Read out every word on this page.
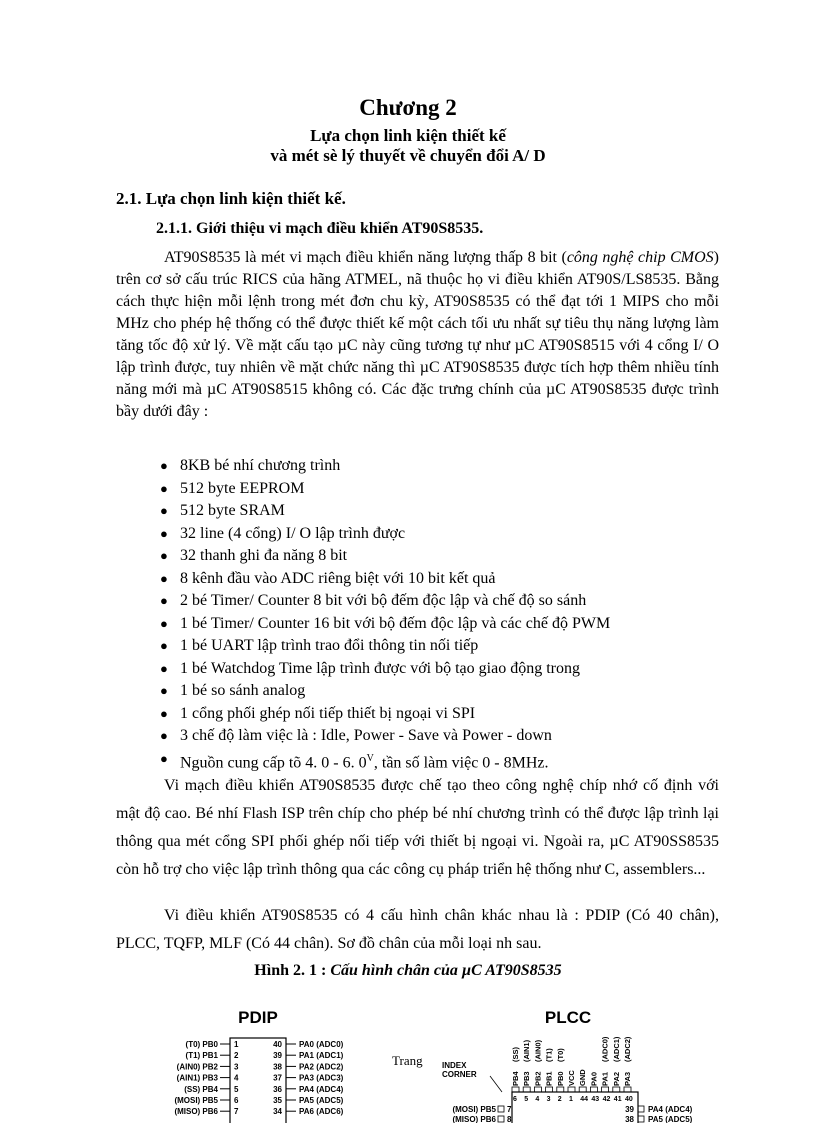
Chương 2
Lựa chọn linh kiện thiết kế
và mét sè lý thuyết về chuyển đổi A/ D
2.1. Lựa chọn linh kiện thiết kế.
2.1.1. Giới thiệu vi mạch điều khiển AT90S8535.
AT90S8535 là mét vi mạch điều khiển năng lượng thấp 8 bit (công nghệ chip CMOS) trên cơ sở cấu trúc RICS của hãng ATMEL, nã thuộc họ vi điều khiển AT90S/LS8535. Bằng cách thực hiện mỗi lệnh trong mét đơn chu kỳ, AT90S8535 có thể đạt tới 1 MIPS cho mỗi MHz cho phép hệ thống có thể được thiết kế một cách tối ưu nhất sự tiêu thụ năng lượng làm tăng tốc độ xử lý. Về mặt cấu tạo µC này cũng tương tự như µC AT90S8515 với 4 cổng I/ O lập trình được, tuy nhiên về mặt chức năng thì µC AT90S8535 được tích hợp thêm nhiều tính năng mới mà µC AT90S8515 không có. Các đặc trưng chính của µC AT90S8535 được trình bầy dưới đây :
● 8KB bé nhí chương trình
● 512 byte EEPROM
● 512 byte SRAM
● 32 line (4 cổng) I/ O lập trình được
● 32 thanh ghi đa năng 8 bit
● 8 kênh đầu vào ADC riêng biệt với 10 bit kết quả
● 2 bé Timer/ Counter 8 bit với bộ đếm độc lập và chế độ so sánh
● 1 bé Timer/ Counter 16 bit với bộ đếm độc lập và các chế độ PWM
● 1 bé UART lập trình trao đổi thông tin nối tiếp
● 1 bé Watchdog Time lập trình được với bộ tạo giao động trong
● 1 bé so sánh analog
● 1 cổng phối ghép nối tiếp thiết bị ngoại vi SPI
● 3 chế độ làm việc là : Idle, Power - Save và Power - down
● Nguồn cung cấp tõ 4. 0 - 6. $0^V$, tần số làm việc 0 - 8MHz.
Vi mạch điều khiển AT90S8535 được chế tạo theo công nghệ chíp nhớ cố định với mật độ cao. Bé nhí Flash ISP trên chíp cho phép bé nhí chương trình có thể được lập trình lại thông qua mét cổng SPI phối ghép nối tiếp với thiết bị ngoại vi. Ngoài ra, µC AT90SS8535 còn hỗ trợ cho việc lập trình thông qua các công cụ pháp triển hệ thống như C, assemblers...
Vi điều khiển AT90S8535 có 4 cấu hình chân khác nhau là : PDIP (Có 40 chân), PLCC, TQFP, MLF (Có 44 chân). Sơ đồ chân của mỗi loại nh sau.
Hình 2. 1 : Cấu hình chân của µC AT90S8535
PDIP	PLCC
(T0) PB0 1
(T1) PB1 2
(AIN0) PB2 3
(AIN1) PB3 4
(SS) PB4 5
(MOSI) PB5 6
(MISO) PB6 7
40 PA0 (ADC0)
39 PA1 (ADC1)
38 PA2 (ADC2)
37 PA3 (ADC3)
36 PA4 (ADC4)
35 PA5 (ADC5)
34 PA6 (ADC6)
Trang INDEX
CORNER
(SS)
PB4
6
(AIN1)
PB3
5
(AIN0)
PB2
4
(T1)
PB1
3
(T0)
PB0
2
VCC
1
GND
44
PA0
43
(ADC0)
PA1
42
(ADC1)
PA2
41
(ADC2)
PA3
40
(MOSI) PB5 7
(MISO) PB6 8
39 PA4 (ADC4)
38 PA5 (ADC5)
